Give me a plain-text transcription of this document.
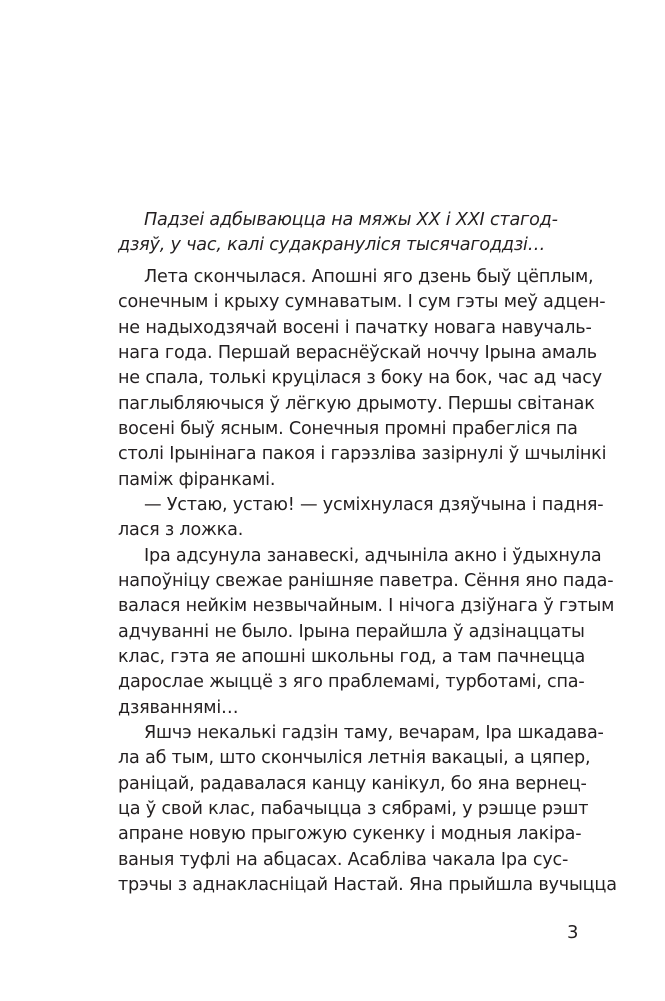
Падзеі адбываюцца на мяжы XX і XXI стагод-
дзяў, у час, калі судакрануліся тысячагоддзі…
Лета скончылася. Апошні яго дзень быў цёплым,
сонечным і крыху сумнаватым. І сум гэты меў адцен-
не надыходзячай восені і пачатку новага навучаль-
нага года. Першай вераснёўскай ноччу Ірына амаль
не спала, толькі круцілася з боку на бок, час ад часу
паглыбляючыся ў лёгкую дрымоту. Першы світанак
восені быў ясным. Сонечныя промні прабегліся па
столі Ірынінага пакоя і гарэзліва зазірнулі ў шчылінкі
паміж фіранкамі.
— Устаю, устаю! — усміхнулася дзяўчына і падня-
лася з ложка.
Іра адсунула занавескі, адчыніла акно і ўдыхнула
напоўніцу свежае ранішняе паветра. Сёння яно пада-
валася нейкім незвычайным. І нічога дзіўнага ў гэтым
адчуванні не было. Ірына перайшла ў адзінаццаты
клас, гэта яе апошні школьны год, а там пачнецца
дарослае жыццё з яго праблемамі, турботамі, спа-
дзяваннямі…
Яшчэ некалькі гадзін таму, вечарам, Іра шкадава-
ла аб тым, што скончыліся летнія вакацыі, а цяпер,
раніцай, радавалася канцу канікул, бо яна вернец-
ца ў свой клас, пабачыцца з сябрамі, у рэшце рэшт
апране новую прыгожую сукенку і модныя лакіра-
ваныя туфлі на абцасах. Асабліва чакала Іра сус-
трэчы з аднакласніцай Настай. Яна прыйшла вучыцца
3
